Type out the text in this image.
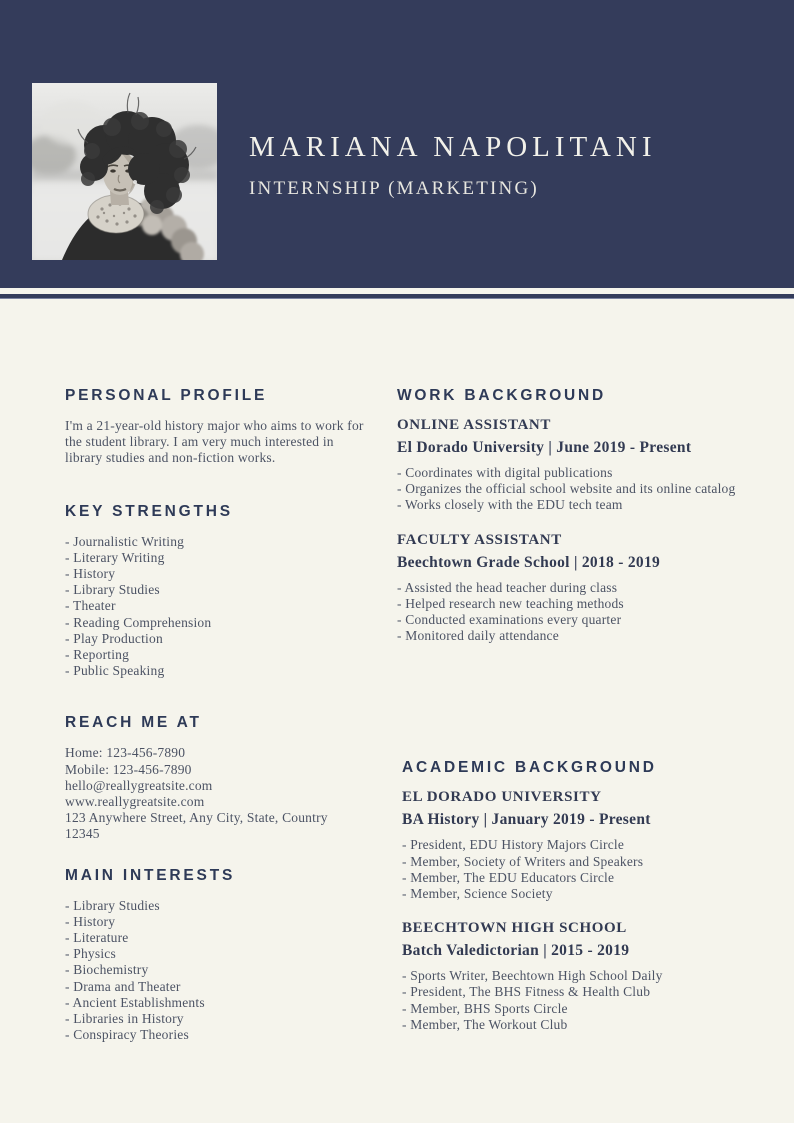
MARIANA NAPOLITANI
INTERNSHIP (MARKETING)
PERSONAL PROFILE

I'm a 21-year-old history major who aims to work for the student library. I am very much interested in library studies and non-fiction works.

KEY STRENGTHS
- Journalistic Writing
- Literary Writing
- History
- Library Studies
- Theater
- Reading Comprehension
- Play Production
- Reporting
- Public Speaking
REACH ME AT
Home: 123-456-7890
Mobile: 123-456-7890
hello@reallygreatsite.com
www.reallygreatsite.com
123 Anywhere Street, Any City, State, Country
12345
MAIN INTERESTS
- Library Studies
- History
- Literature
- Physics
- Biochemistry
- Drama and Theater
- Ancient Establishments
- Libraries in History
- Conspiracy Theories
WORK BACKGROUND
ONLINE ASSISTANT
El Dorado University | June 2019 - Present
- Coordinates with digital publications
- Organizes the official school website and its online catalog
- Works closely with the EDU tech team
FACULTY ASSISTANT
Beechtown Grade School | 2018 - 2019
- Assisted the head teacher during class
- Helped research new teaching methods
- Conducted examinations every quarter
- Monitored daily attendance
ACADEMIC BACKGROUND
EL DORADO UNIVERSITY
BA History | January 2019 - Present
- President, EDU History Majors Circle
- Member, Society of Writers and Speakers
- Member, The EDU Educators Circle
- Member, Science Society
BEECHTOWN HIGH SCHOOL
Batch Valedictorian | 2015 - 2019
- Sports Writer, Beechtown High School Daily
- President, The BHS Fitness & Health Club
- Member, BHS Sports Circle
- Member, The Workout Club
